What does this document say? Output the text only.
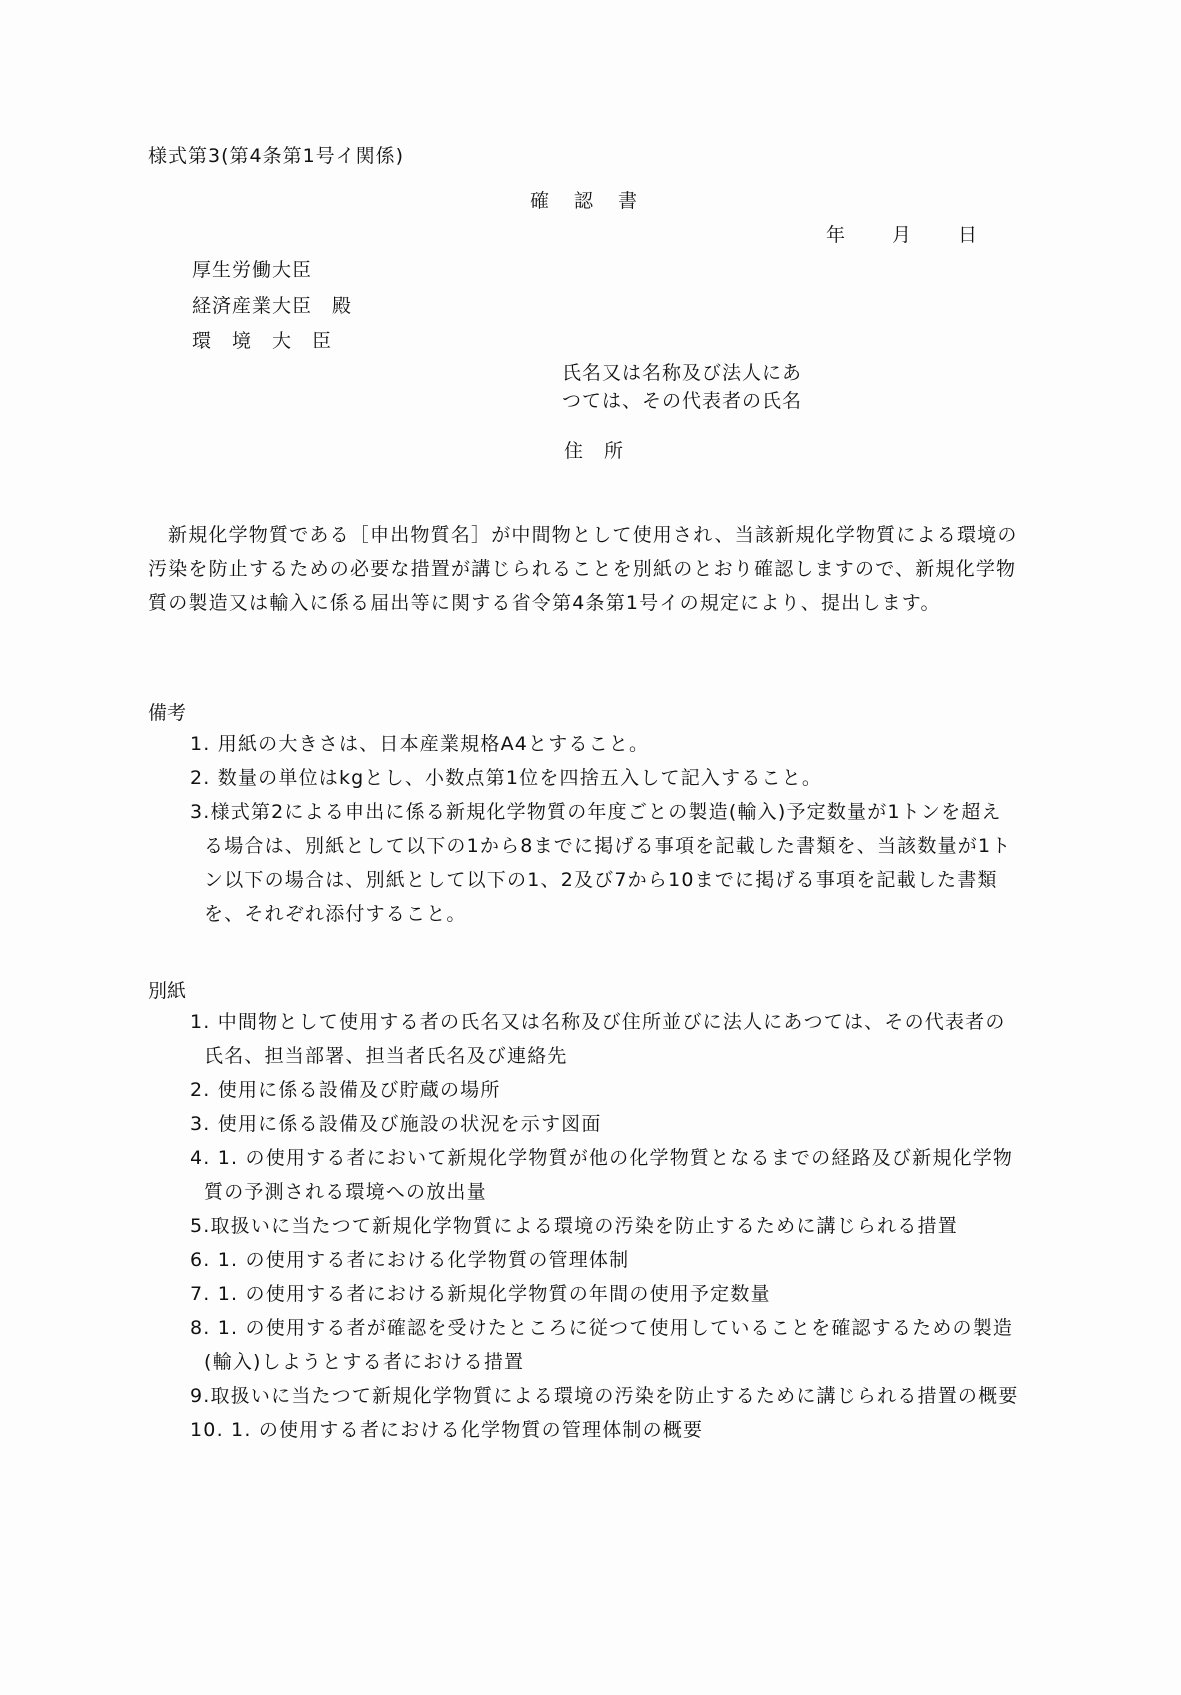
様式第3(第4条第1号イ関係)
確　認　書
年 月 日
厚生労働大臣
経済産業大臣　殿
環　境　大　臣
氏名又は名称及び法人にあ
つては、その代表者の氏名
住　所
新規化学物質である［申出物質名］が中間物として使用され、当該新規化学物質による環境の汚染を防止するための必要な措置が講じられることを別紙のとおり確認しますので、新規化学物質の製造又は輸入に係る届出等に関する省令第4条第1号イの規定により、提出します。
備考
1. 用紙の大きさは、日本産業規格A4とすること。
2. 数量の単位はkgとし、小数点第1位を四捨五入して記入すること。
3.様式第2による申出に係る新規化学物質の年度ごとの製造(輸入)予定数量が1トンを超える場合は、別紙として以下の1から8までに掲げる事項を記載した書類を、当該数量が1トン以下の場合は、別紙として以下の1、2及び7から10までに掲げる事項を記載した書類を、それぞれ添付すること。
別紙
1. 中間物として使用する者の氏名又は名称及び住所並びに法人にあつては、その代表者の氏名、担当部署、担当者氏名及び連絡先
2. 使用に係る設備及び貯蔵の場所
3. 使用に係る設備及び施設の状況を示す図面
4. 1. の使用する者において新規化学物質が他の化学物質となるまでの経路及び新規化学物質の予測される環境への放出量
5.取扱いに当たつて新規化学物質による環境の汚染を防止するために講じられる措置
6. 1. の使用する者における化学物質の管理体制
7. 1. の使用する者における新規化学物質の年間の使用予定数量
8. 1. の使用する者が確認を受けたところに従つて使用していることを確認するための製造(輸入)しようとする者における措置
9.取扱いに当たつて新規化学物質による環境の汚染を防止するために講じられる措置の概要
10. 1. の使用する者における化学物質の管理体制の概要
